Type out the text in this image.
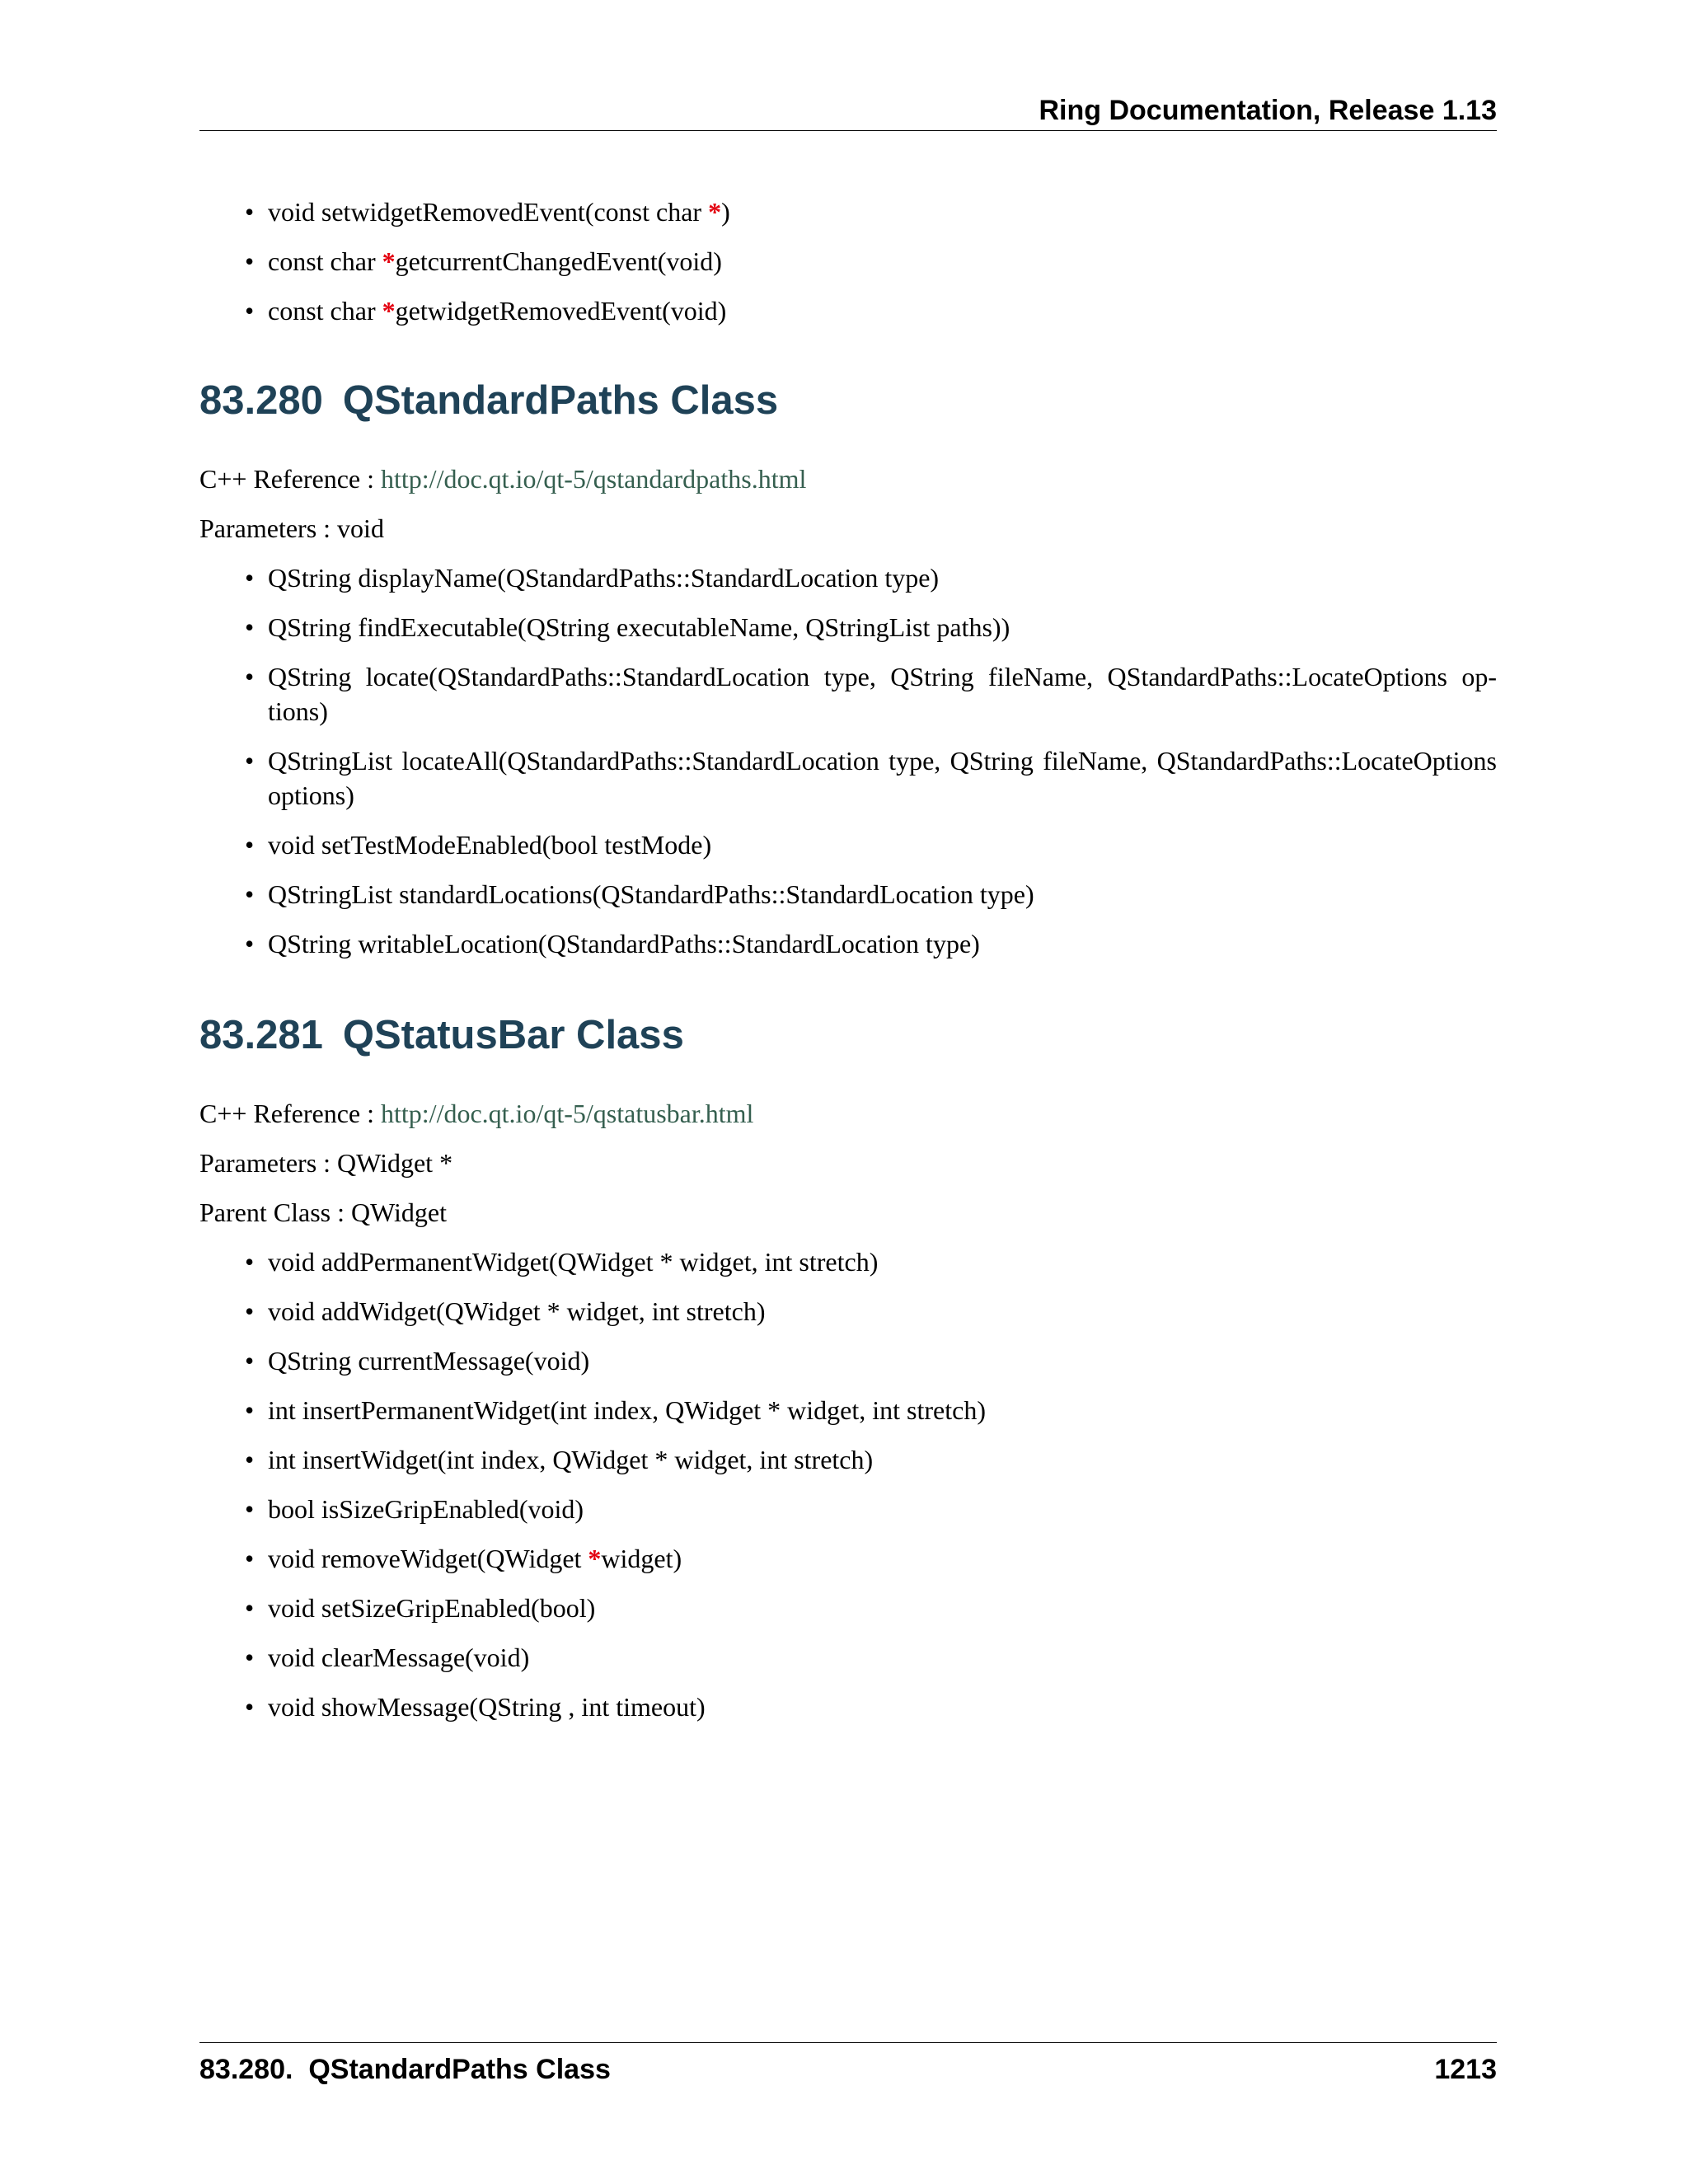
Ring Documentation, Release 1.13
• void setwidgetRemovedEvent(const char *)
• const char *getcurrentChangedEvent(void)
• const char *getwidgetRemovedEvent(void)
83.280 QStandardPaths Class
C++ Reference : http://doc.qt.io/qt-5/qstandardpaths.html
Parameters : void
• QString displayName(QStandardPaths::StandardLocation type)
• QString findExecutable(QString executableName, QStringList paths))
• QString locate(QStandardPaths::StandardLocation type, QString fileName, QStandardPaths::LocateOptions options)
• QStringList locateAll(QStandardPaths::StandardLocation type, QString fileName, QStandardPaths::LocateOptions options)
• void setTestModeEnabled(bool testMode)
• QStringList standardLocations(QStandardPaths::StandardLocation type)
• QString writableLocation(QStandardPaths::StandardLocation type)
83.281 QStatusBar Class
C++ Reference : http://doc.qt.io/qt-5/qstatusbar.html
Parameters : QWidget *
Parent Class : QWidget
• void addPermanentWidget(QWidget * widget, int stretch)
• void addWidget(QWidget * widget, int stretch)
• QString currentMessage(void)
• int insertPermanentWidget(int index, QWidget * widget, int stretch)
• int insertWidget(int index, QWidget * widget, int stretch)
• bool isSizeGripEnabled(void)
• void removeWidget(QWidget *widget)
• void setSizeGripEnabled(bool)
• void clearMessage(void)
• void showMessage(QString , int timeout)
83.280.  QStandardPaths Class	1213
